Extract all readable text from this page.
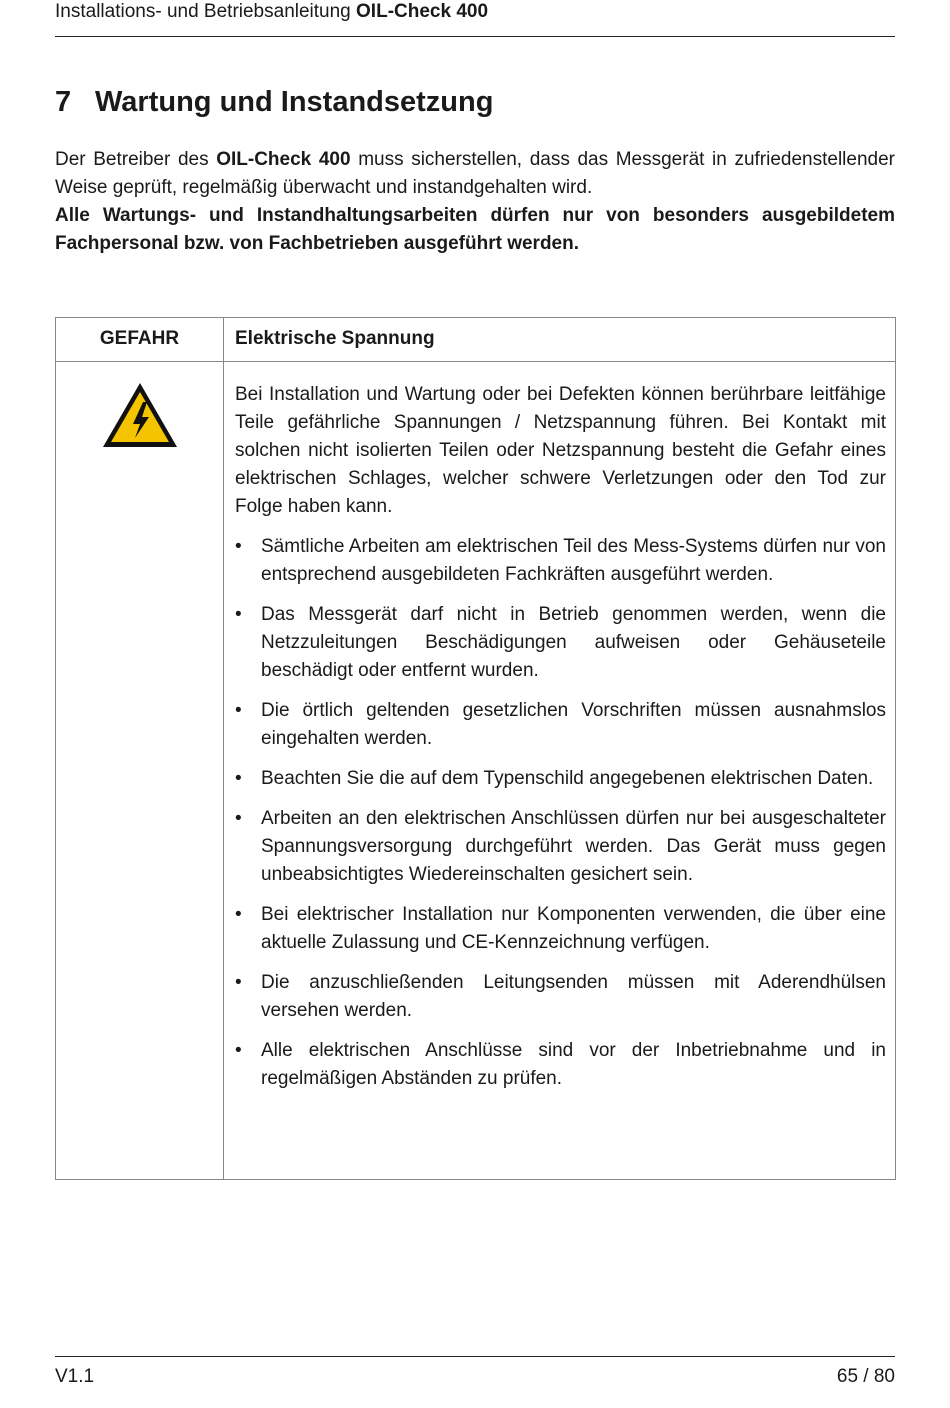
Installations- und Betriebsanleitung OIL-Check 400
7 Wartung und Instandsetzung

Der Betreiber des OIL-Check 400 muss sicherstellen, dass das Messgerät in zufriedenstellender Weise geprüft, regelmäßig überwacht und instandgehalten wird.

Alle Wartungs- und Instandhaltungsarbeiten dürfen nur von besonders ausgebildetem Fachpersonal bzw. von Fachbetrieben ausgeführt werden.

GEFAHR	Elektrische Spannung

Bei Installation und Wartung oder bei Defekten können berührbare leitfähige Teile gefährliche Spannungen / Netzspannung führen. Bei Kontakt mit solchen nicht isolierten Teilen oder Netzspannung besteht die Gefahr eines elektrischen Schlages, welcher schwere Verletzungen oder den Tod zur Folge haben kann.

• Sämtliche Arbeiten am elektrischen Teil des Mess-Systems dürfen nur von entsprechend ausgebildeten Fachkräften ausgeführt werden.
• Das Messgerät darf nicht in Betrieb genommen werden, wenn die Netzzuleitungen Beschädigungen aufweisen oder Gehäuseteile beschädigt oder entfernt wurden.
• Die örtlich geltenden gesetzlichen Vorschriften müssen ausnahmslos eingehalten werden.
• Beachten Sie die auf dem Typenschild angegebenen elektrischen Daten.
• Arbeiten an den elektrischen Anschlüssen dürfen nur bei ausgeschalteter Spannungsversorgung durchgeführt werden. Das Gerät muss gegen unbeabsichtigtes Wiedereinschalten gesichert sein.
• Bei elektrischer Installation nur Komponenten verwenden, die über eine aktuelle Zulassung und CE-Kennzeichnung verfügen.
• Die anzuschließenden Leitungsenden müssen mit Aderendhülsen versehen werden.
• Alle elektrischen Anschlüsse sind vor der Inbetriebnahme und in regelmäßigen Abständen zu prüfen.
V1.1	65 / 80
